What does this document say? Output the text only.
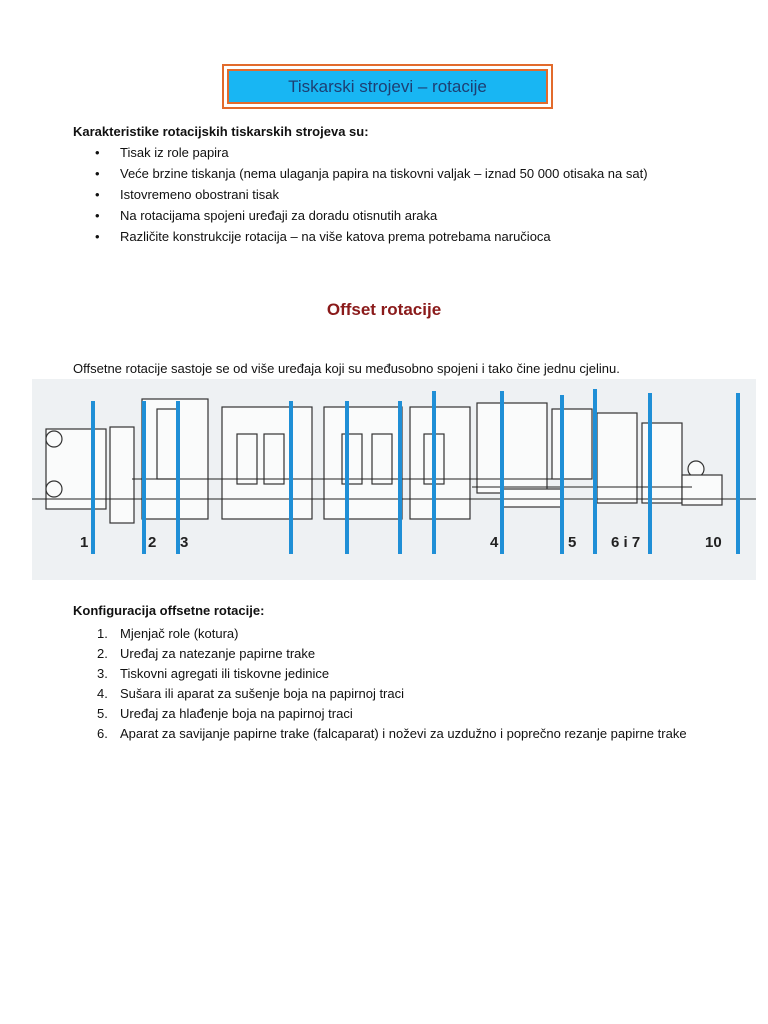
Tiskarski strojevi – rotacije
Karakteristike rotacijskih tiskarskih strojeva su:
• Tisak iz role papira
• Veće brzine tiskanja (nema ulaganja papira na tiskovni valjak – iznad 50 000 otisaka na sat)
• Istovremeno obostrani tisak
• Na rotacijama spojeni uređaji za doradu otisnutih araka
• Različite konstrukcije rotacija – na više katova prema potrebama naručioca
Offset rotacije
Offsetne rotacije sastoje se od više uređaja koji su međusobno spojeni i tako čine jednu cjelinu.
1	2 3	4	5 6 i 7	10
Konfiguracija offsetne rotacije:
1. Mjenjač role (kotura)
2. Uređaj za natezanje papirne trake
3. Tiskovni agregati ili tiskovne jedinice
4. Sušara ili aparat za sušenje boja na papirnoj traci
5. Uređaj za hlađenje boja na papirnoj traci
6. Aparat za savijanje papirne trake (falcaparat) i noževi za uzdužno i poprečno rezanje papirne trake
